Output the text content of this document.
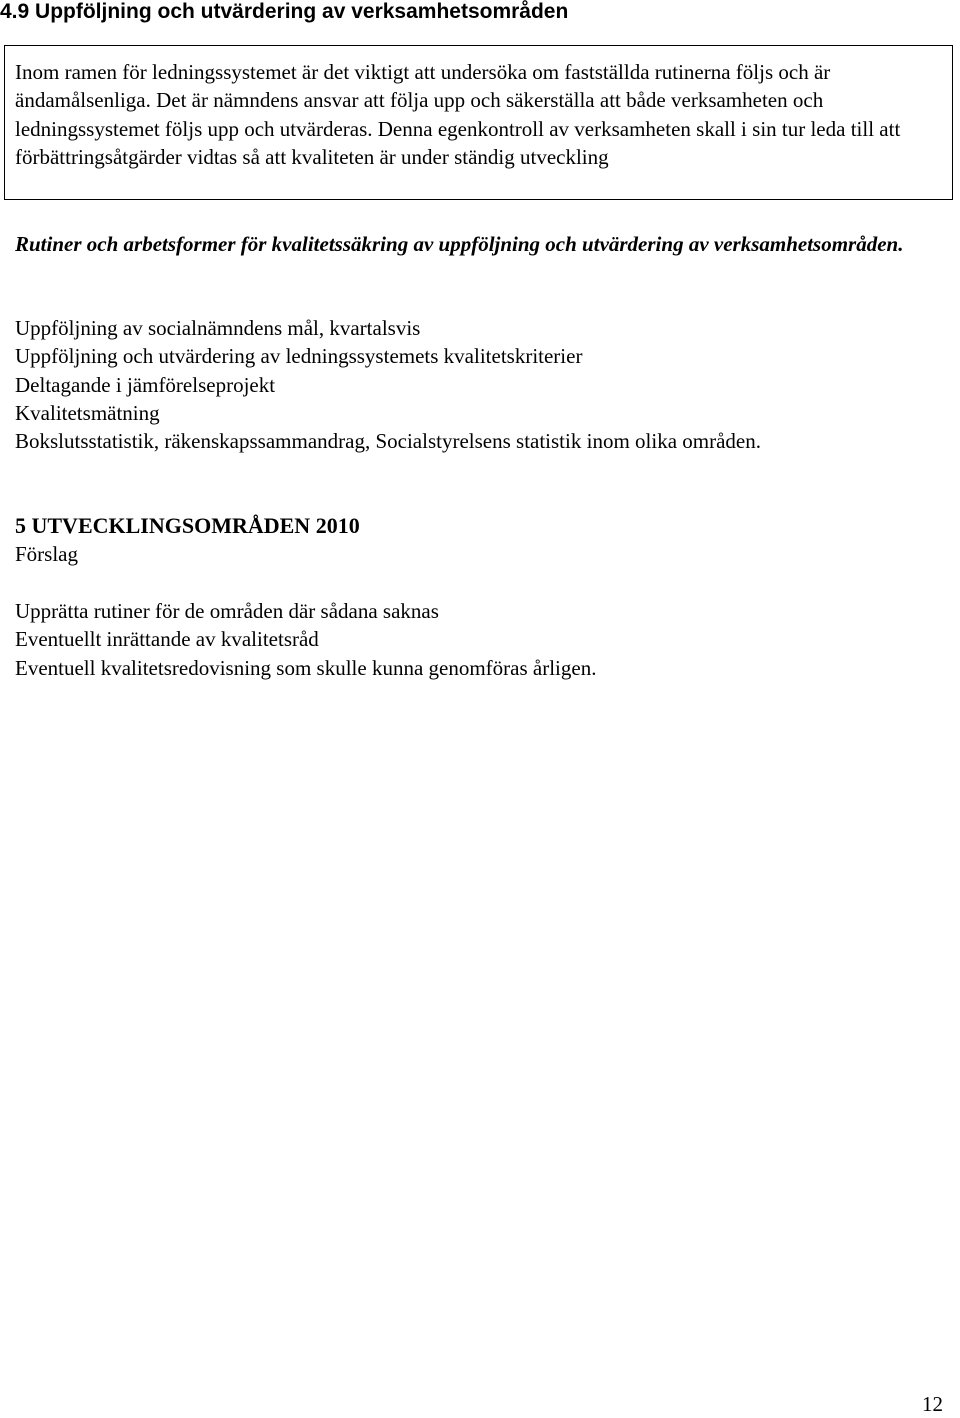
4.9 Uppföljning och utvärdering av verksamhetsområden

Inom ramen för ledningssystemet är det viktigt att undersöka om fastställda rutinerna följs och är ändamålsenliga. Det är nämndens ansvar att följa upp och säkerställa att både verksamheten och ledningssystemet följs upp och utvärderas. Denna egenkontroll av verksamheten skall i sin tur leda till att förbättringsåtgärder vidtas så att kvaliteten är under ständig utveckling

Rutiner och arbetsformer för kvalitetssäkring av uppföljning och utvärdering av verksamhetsområden.

Uppföljning av socialnämndens mål, kvartalsvis
Uppföljning och utvärdering av ledningssystemets kvalitetskriterier
Deltagande i jämförelseprojekt
Kvalitetsmätning
Bokslutsstatistik, räkenskapssammandrag, Socialstyrelsens statistik inom olika områden.
5 UTVECKLINGSOMRÅDEN 2010

Förslag

Upprätta rutiner för de områden där sådana saknas
Eventuellt inrättande av kvalitetsråd
Eventuell kvalitetsredovisning som skulle kunna genomföras årligen.

12
